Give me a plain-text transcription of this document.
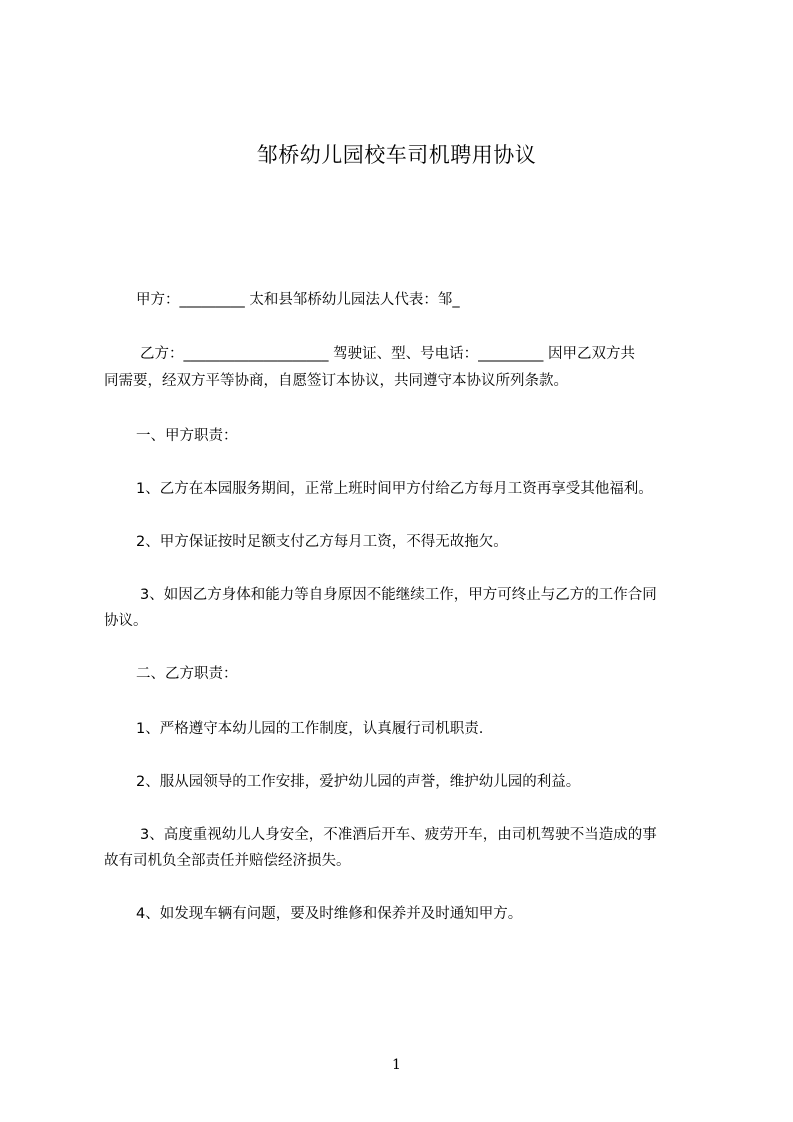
邹桥幼儿园校车司机聘用协议

甲方：_________ 太和县邹桥幼儿园法人代表：邹_

乙方：____________________ 驾驶证、型、号电话：_________ 因甲乙双方共

同需要，经双方平等协商，自愿签订本协议，共同遵守本协议所列条款。

一、甲方职责：

1、乙方在本园服务期间，正常上班时间甲方付给乙方每月工资再享受其他福利。

2、甲方保证按时足额支付乙方每月工资，不得无故拖欠。

3、如因乙方身体和能力等自身原因不能继续工作，甲方可终止与乙方的工作合同

协议。

二、乙方职责：

1、严格遵守本幼儿园的工作制度，认真履行司机职责.

2、服从园领导的工作安排，爱护幼儿园的声誉，维护幼儿园的利益。

3、高度重视幼儿人身安全，不准酒后开车、疲劳开车，由司机驾驶不当造成的事

故有司机负全部责任并赔偿经济损失。

4、如发现车辆有问题，要及时维修和保养并及时通知甲方。

1
